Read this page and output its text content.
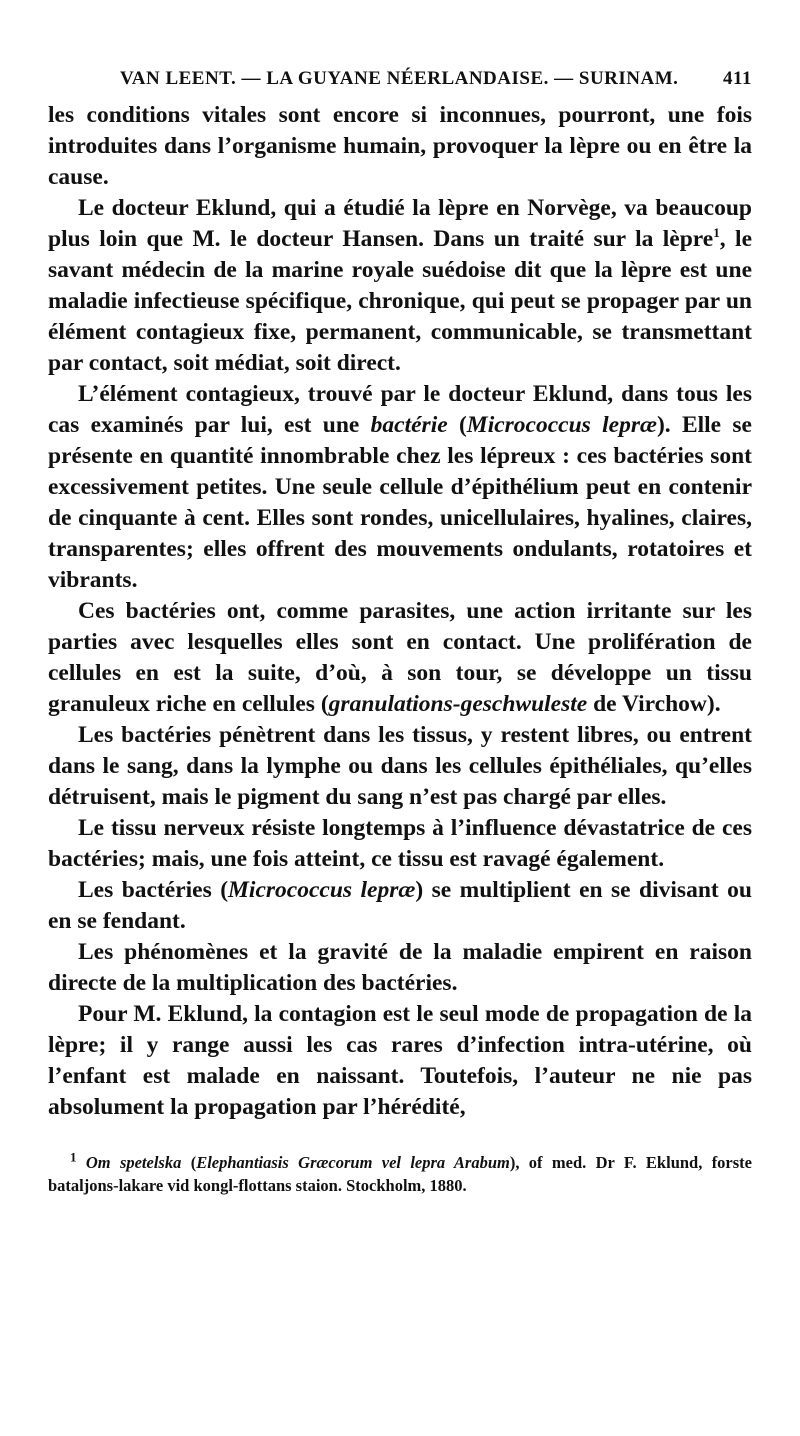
VAN LEENT. — LA GUYANE NÉERLANDAISE. — SURINAM. 411

les conditions vitales sont encore si inconnues, pourront, une fois introduites dans l’organisme humain, provoquer la lèpre ou en être la cause.

Le docteur Eklund, qui a étudié la lèpre en Norvège, va beaucoup plus loin que M. le docteur Hansen. Dans un traité sur la lèpre$^1$, le savant médecin de la marine royale suédoise dit que la lèpre est une maladie infectieuse spécifique, chronique, qui peut se propager par un élément contagieux fixe, permanent, communicable, se transmettant par contact, soit médiat, soit direct.

L’élément contagieux, trouvé par le docteur Eklund, dans tous les cas examinés par lui, est une bactérie (Micrococcus lepræ). Elle se présente en quantité innombrable chez les lépreux : ces bactéries sont excessivement petites. Une seule cellule d’épithélium peut en contenir de cinquante à cent. Elles sont rondes, unicellulaires, hyalines, claires, transparentes; elles offrent des mouvements ondulants, rotatoires et vibrants.

Ces bactéries ont, comme parasites, une action irritante sur les parties avec lesquelles elles sont en contact. Une prolifération de cellules en est la suite, d’où, à son tour, se développe un tissu granuleux riche en cellules (granulations-geschwuleste de Virchow).

Les bactéries pénètrent dans les tissus, y restent libres, ou entrent dans le sang, dans la lymphe ou dans les cellules épithéliales, qu’elles détruisent, mais le pigment du sang n’est pas chargé par elles.

Le tissu nerveux résiste longtemps à l’influence dévastatrice de ces bactéries; mais, une fois atteint, ce tissu est ravagé également.

Les bactéries (Micrococcus lepræ) se multiplient en se divisant ou en se fendant.

Les phénomènes et la gravité de la maladie empirent en raison directe de la multiplication des bactéries.

Pour M. Eklund, la contagion est le seul mode de propagation de la lèpre; il y range aussi les cas rares d’infection intra-utérine, où l’enfant est malade en naissant. Toutefois, l’auteur ne nie pas absolument la propagation par l’hérédité,

$^1$ Om spetelska (Elephantiasis Græcorum vel lepra Arabum), of med. Dr F. Eklund, forste bataljons-lakare vid kongl-flottans staion. Stockholm, 1880.
